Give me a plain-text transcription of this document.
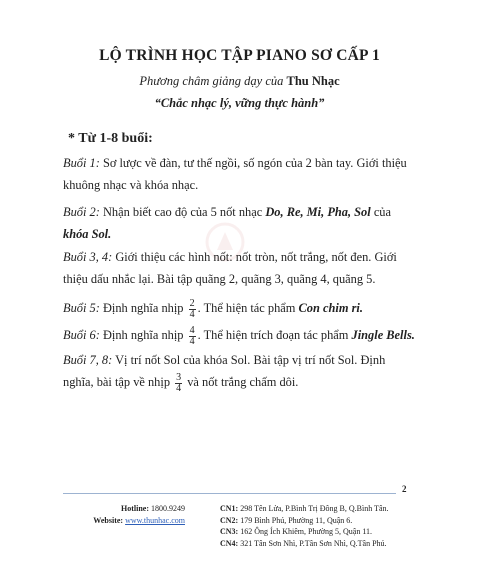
LỘ TRÌNH HỌC TẬP PIANO SƠ CẤP 1
Phương châm giảng dạy của Thu Nhạc
“Chắc nhạc lý, vững thực hành”
* Từ 1-8 buổi:
Buổi 1: Sơ lược về đàn, tư thế ngồi, số ngón của 2 bàn tay. Giới thiệu khuông nhạc và khóa nhạc.
Buổi 2: Nhận biết cao độ của 5 nốt nhạc Do, Re, Mi, Pha, Sol của khóa Sol.
Buổi 3, 4: Giới thiệu các hình nốt: nốt tròn, nốt trắng, nốt đen. Giới thiệu dấu nhắc lại. Bài tập quãng 2, quãng 3, quãng 4, quãng 5.
Buổi 5: Định nghĩa nhịp $\frac{2}{4}$ . Thể hiện tác phẩm Con chim ri.
Buổi 6: Định nghĩa nhịp $\frac{4}{4}$ . Thể hiện trích đoạn tác phẩm Jingle Bells.
Buổi 7, 8: Vị trí nốt Sol của khóa Sol. Bài tập vị trí nốt Sol. Định nghĩa, bài tập về nhịp $\frac{3}{4}$ và nốt trắng chấm dôi.
2
Hotline: 1800.9249
Website: www.thunhac.com
CN1: 298 Tên Lửa, P.Bình Trị Đông B, Q.Bình Tân.
CN2: 179 Bình Phú, Phường 11, Quận 6.
CN3: 162 Ông Ích Khiêm, Phường 5, Quận 11.
CN4: 321 Tân Sơn Nhì, P.Tân Sơn Nhì, Q.Tân Phú.
